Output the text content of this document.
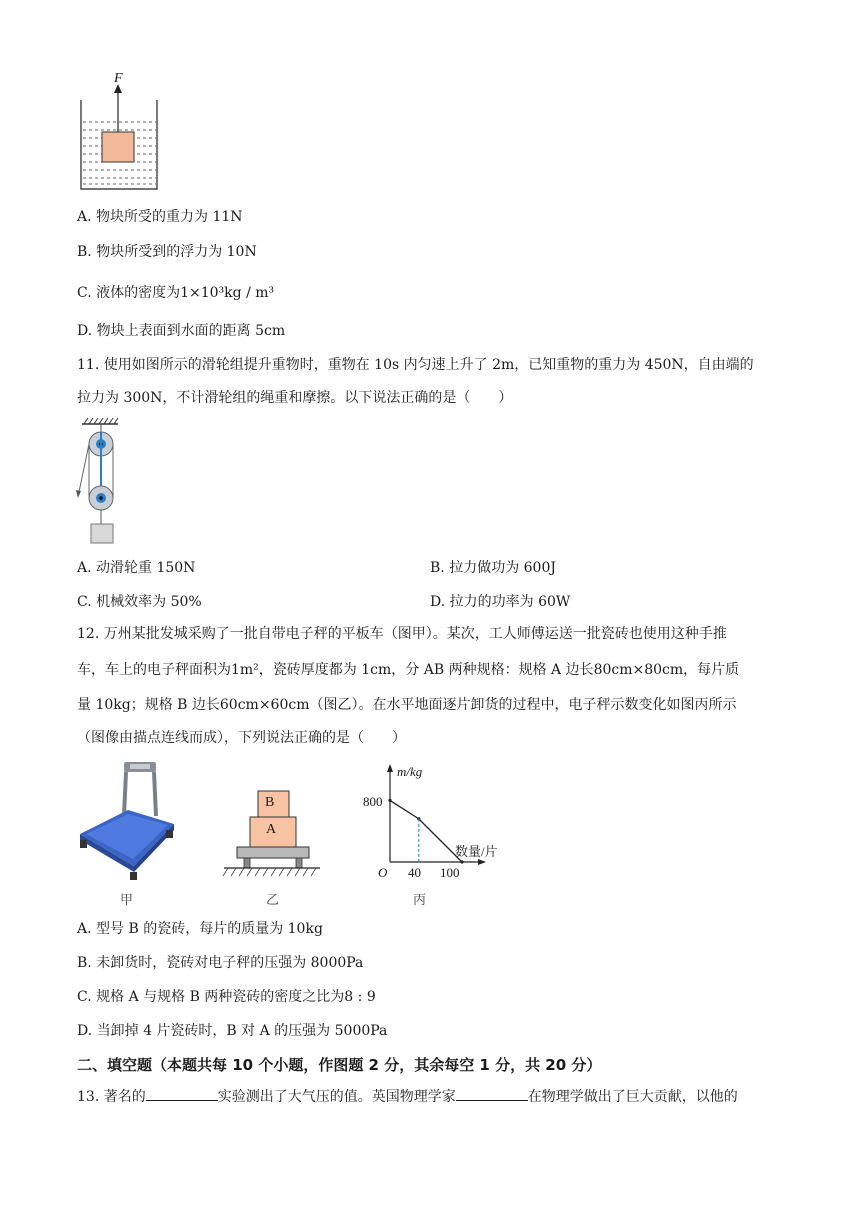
F
A. 物块所受的重力为 11N
B. 物块所受到的浮力为 10N
C. 液体的密度为1×10³kg / m³
D. 物块上表面到水面的距离 5cm
11. 使用如图所示的滑轮组提升重物时，重物在 10s 内匀速上升了 2m，已知重物的重力为 450N，自由端的
拉力为 300N，不计滑轮组的绳重和摩擦。以下说法正确的是（　　）
A. 动滑轮重 150N	B. 拉力做功为 600J
C. 机械效率为 50%	D. 拉力的功率为 60W
12. 万州某批发城采购了一批自带电子秤的平板车（图甲）。某次，工人师傅运送一批瓷砖也使用这种手推
车，车上的电子秤面积为1m²，瓷砖厚度都为 1cm，分 AB 两种规格：规格 A 边长80cm×80cm，每片质
量 10kg；规格 B 边长60cm×60cm（图乙）。在水平地面逐片卸货的过程中，电子秤示数变化如图丙所示
（图像由描点连线而成），下列说法正确的是（　　）
甲
B
A
乙
m/kg
800
数量/片
O 40 100
丙
A. 型号 B 的瓷砖，每片的质量为 10kg
B. 未卸货时，瓷砖对电子秤的压强为 8000Pa
C. 规格 A 与规格 B 两种瓷砖的密度之比为8 : 9
D. 当卸掉 4 片瓷砖时，B 对 A 的压强为 5000Pa
二、填空题（本题共每 10 个小题，作图题 2 分，其余每空 1 分，共 20 分）
13. 著名的	实验测出了大气压的值。英国物理学家	在物理学做出了巨大贡献，以他的
